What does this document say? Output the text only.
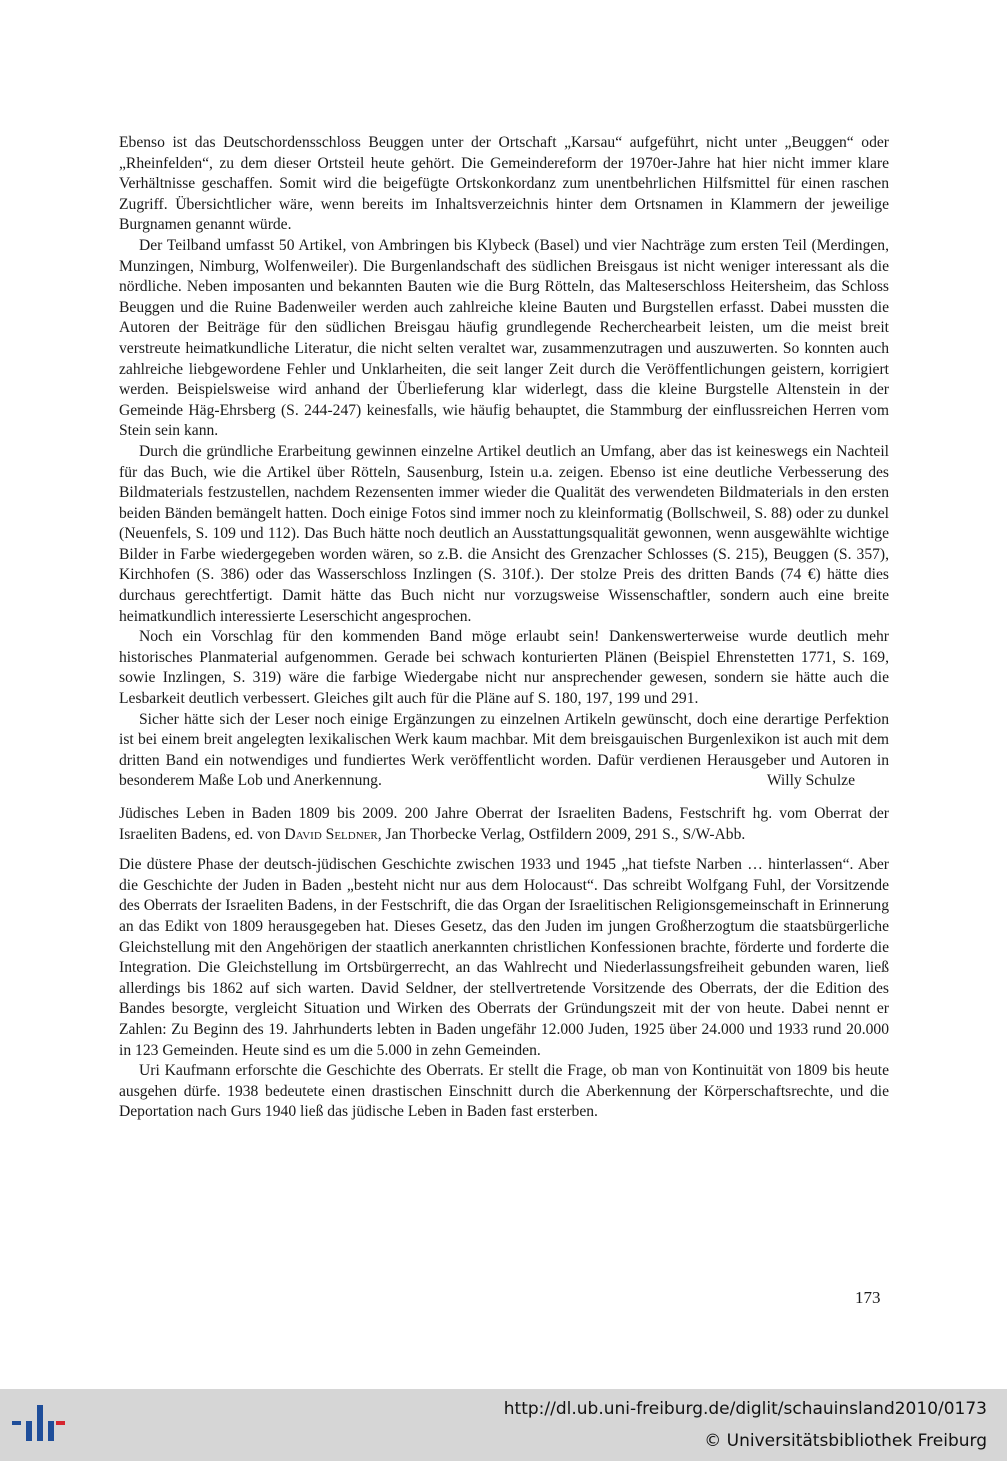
Ebenso ist das Deutschordensschloss Beuggen unter der Ortschaft „Karsau“ aufgeführt, nicht unter „Beuggen“ oder „Rheinfelden“, zu dem dieser Ortsteil heute gehört. Die Gemeindereform der 1970er-Jahre hat hier nicht immer klare Verhältnisse geschaffen. Somit wird die beigefügte Ortskonkordanz zum unentbehrlichen Hilfsmittel für einen raschen Zugriff. Übersichtlicher wäre, wenn bereits im Inhaltsverzeichnis hinter dem Ortsnamen in Klammern der jeweilige Burgnamen genannt würde.

Der Teilband umfasst 50 Artikel, von Ambringen bis Klybeck (Basel) und vier Nachträge zum ersten Teil (Merdingen, Munzingen, Nimburg, Wolfenweiler). Die Burgenlandschaft des südlichen Breisgaus ist nicht weniger interessant als die nördliche. Neben imposanten und bekannten Bauten wie die Burg Rötteln, das Malteserschloss Heitersheim, das Schloss Beuggen und die Ruine Badenweiler werden auch zahlreiche kleine Bauten und Burgstellen erfasst. Dabei mussten die Autoren der Beiträge für den südlichen Breisgau häufig grundlegende Recherchearbeit leisten, um die meist breit verstreute heimatkundliche Literatur, die nicht selten veraltet war, zusammenzutragen und auszuwerten. So konnten auch zahlreiche liebgewordene Fehler und Unklarheiten, die seit langer Zeit durch die Veröffentlichungen geistern, korrigiert werden. Beispielsweise wird anhand der Überlieferung klar widerlegt, dass die kleine Burgstelle Altenstein in der Gemeinde Häg-Ehrsberg (S. 244-247) keinesfalls, wie häufig behauptet, die Stammburg der einflussreichen Herren vom Stein sein kann.

Durch die gründliche Erarbeitung gewinnen einzelne Artikel deutlich an Umfang, aber das ist keineswegs ein Nachteil für das Buch, wie die Artikel über Rötteln, Sausenburg, Istein u.a. zeigen. Ebenso ist eine deutliche Verbesserung des Bildmaterials festzustellen, nachdem Rezensenten immer wieder die Qualität des verwendeten Bildmaterials in den ersten beiden Bänden bemängelt hatten. Doch einige Fotos sind immer noch zu kleinformatig (Bollschweil, S. 88) oder zu dunkel (Neuenfels, S. 109 und 112). Das Buch hätte noch deutlich an Ausstattungsqualität gewonnen, wenn ausgewählte wichtige Bilder in Farbe wiedergegeben worden wären, so z.B. die Ansicht des Grenzacher Schlosses (S. 215), Beuggen (S. 357), Kirchhofen (S. 386) oder das Wasserschloss Inzlingen (S. 310f.). Der stolze Preis des dritten Bands (74 €) hätte dies durchaus gerechtfertigt. Damit hätte das Buch nicht nur vorzugsweise Wissenschaftler, sondern auch eine breite heimatkundlich interessierte Leserschicht angesprochen.

Noch ein Vorschlag für den kommenden Band möge erlaubt sein! Dankenswerterweise wurde deutlich mehr historisches Planmaterial aufgenommen. Gerade bei schwach konturierten Plänen (Beispiel Ehrenstetten 1771, S. 169, sowie Inzlingen, S. 319) wäre die farbige Wiedergabe nicht nur ansprechender gewesen, sondern sie hätte auch die Lesbarkeit deutlich verbessert. Gleiches gilt auch für die Pläne auf S. 180, 197, 199 und 291.

Sicher hätte sich der Leser noch einige Ergänzungen zu einzelnen Artikeln gewünscht, doch eine derartige Perfektion ist bei einem breit angelegten lexikalischen Werk kaum machbar. Mit dem breisgauischen Burgenlexikon ist auch mit dem dritten Band ein notwendiges und fundiertes Werk veröffentlicht worden. Dafür verdienen Herausgeber und Autoren in besonderem Maße Lob und Anerkennung.	Willy Schulze

Jüdisches Leben in Baden 1809 bis 2009. 200 Jahre Oberrat der Israeliten Badens, Festschrift hg. vom Oberrat der Israeliten Badens, ed. von David Seldner, Jan Thorbecke Verlag, Ostfildern 2009, 291 S., S/W-Abb.

Die düstere Phase der deutsch-jüdischen Geschichte zwischen 1933 und 1945 „hat tiefste Narben … hinterlassen“. Aber die Geschichte der Juden in Baden „besteht nicht nur aus dem Holocaust“. Das schreibt Wolfgang Fuhl, der Vorsitzende des Oberrats der Israeliten Badens, in der Festschrift, die das Organ der Israelitischen Religionsgemeinschaft in Erinnerung an das Edikt von 1809 herausgegeben hat. Dieses Gesetz, das den Juden im jungen Großherzogtum die staatsbürgerliche Gleichstellung mit den Angehörigen der staatlich anerkannten christlichen Konfessionen brachte, förderte und forderte die Integration. Die Gleichstellung im Ortsbürgerrecht, an das Wahlrecht und Niederlassungsfreiheit gebunden waren, ließ allerdings bis 1862 auf sich warten. David Seldner, der stellvertretende Vorsitzende des Oberrats, der die Edition des Bandes besorgte, vergleicht Situation und Wirken des Oberrats der Gründungszeit mit der von heute. Dabei nennt er Zahlen: Zu Beginn des 19. Jahrhunderts lebten in Baden ungefähr 12.000 Juden, 1925 über 24.000 und 1933 rund 20.000 in 123 Gemeinden. Heute sind es um die 5.000 in zehn Gemeinden.

Uri Kaufmann erforschte die Geschichte des Oberrats. Er stellt die Frage, ob man von Kontinuität von 1809 bis heute ausgehen dürfe. 1938 bedeutete einen drastischen Einschnitt durch die Aberkennung der Körperschaftsrechte, und die Deportation nach Gurs 1940 ließ das jüdische Leben in Baden fast ersterben.

173
http://dl.ub.uni-freiburg.de/diglit/schauinsland2010/0173
© Universitätsbibliothek Freiburg
